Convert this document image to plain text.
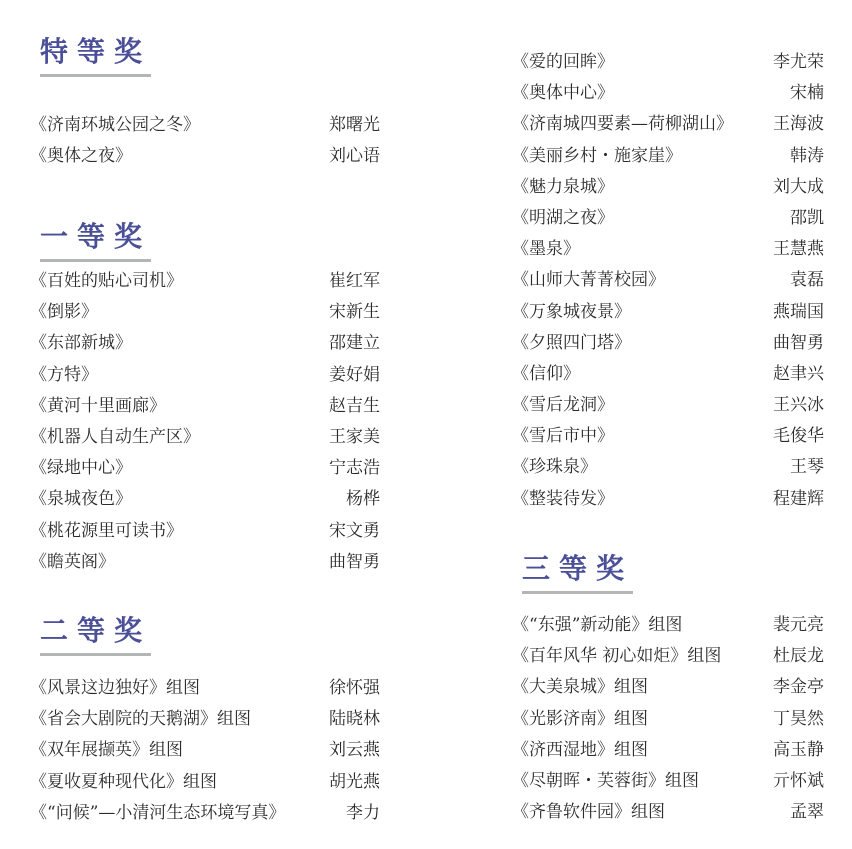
特等奖
《济南环城公园之冬》	郑曙光
《奥体之夜》	刘心语
一等奖
《百姓的贴心司机》	崔红军
《倒影》	宋新生
《东部新城》	邵建立
《方特》	姜好娟
《黄河十里画廊》	赵吉生
《机器人自动生产区》	王家美
《绿地中心》	宁志浩
《泉城夜色》	杨桦
《桃花源里可读书》	宋文勇
《瞻英阁》	曲智勇
二等奖
《风景这边独好》组图	徐怀强
《省会大剧院的天鹅湖》组图	陆晓林
《双年展撷英》组图	刘云燕
《夏收夏种现代化》组图	胡光燕
《“问候”—小清河生态环境写真》	李力
《爱的回眸》	李尤荣
《奥体中心》	宋楠
《济南城四要素—荷柳湖山》 王海波
《美丽乡村・施家崖》	韩涛
《魅力泉城》	刘大成
《明湖之夜》	邵凯
《墨泉》	王慧燕
《山师大菁菁校园》	袁磊
《万象城夜景》	燕瑞国
《夕照四门塔》	曲智勇
《信仰》	赵聿兴
《雪后龙洞》	王兴冰
《雪后市中》	毛俊华
《珍珠泉》	王琴
《整装待发》	程建辉
三等奖
《“东强”新动能》组图	裴元亮
《百年风华 初心如炬》组图	杜辰龙
《大美泉城》组图	李金亭
《光影济南》组图	丁昊然
《济西湿地》组图	高玉静
《尽朝晖・芙蓉街》组图	亓怀斌
《齐鲁软件园》组图	孟翠
